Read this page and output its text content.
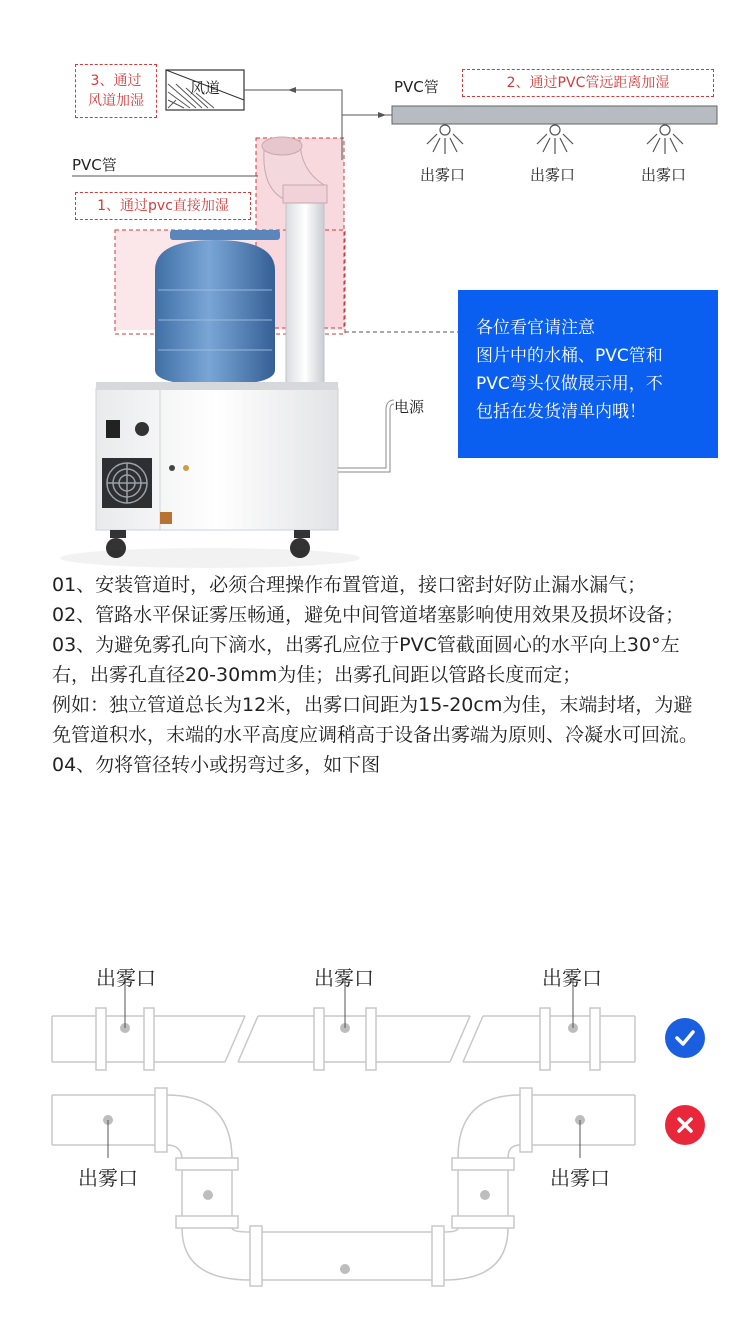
3、通过
风道加湿
风道	PVC管	2、通过PVC管远距离加湿
出雾口	出雾口	出雾口
PVC管
1、通过pvc直接加湿
电源
各位看官请注意
图片中的水桶、PVC管和
PVC弯头仅做展示用，不
包括在发货清单内哦！

01、安装管道时，必须合理操作布置管道，接口密封好防止漏水漏气；

02、管路水平保证雾压畅通，避免中间管道堵塞影响使用效果及损坏设备；

03、为避免雾孔向下滴水，出雾孔应位于PVC管截面圆心的水平向上30°左右，出雾孔直径20-30mm为佳；出雾孔间距以管路长度而定；

例如：独立管道总长为12米，出雾口间距为15-20cm为佳，末端封堵，为避免管道积水，末端的水平高度应调稍高于设备出雾端为原则、冷凝水可回流。

04、勿将管径转小或拐弯过多，如下图

出雾口	出雾口	出雾口
出雾口	出雾口
